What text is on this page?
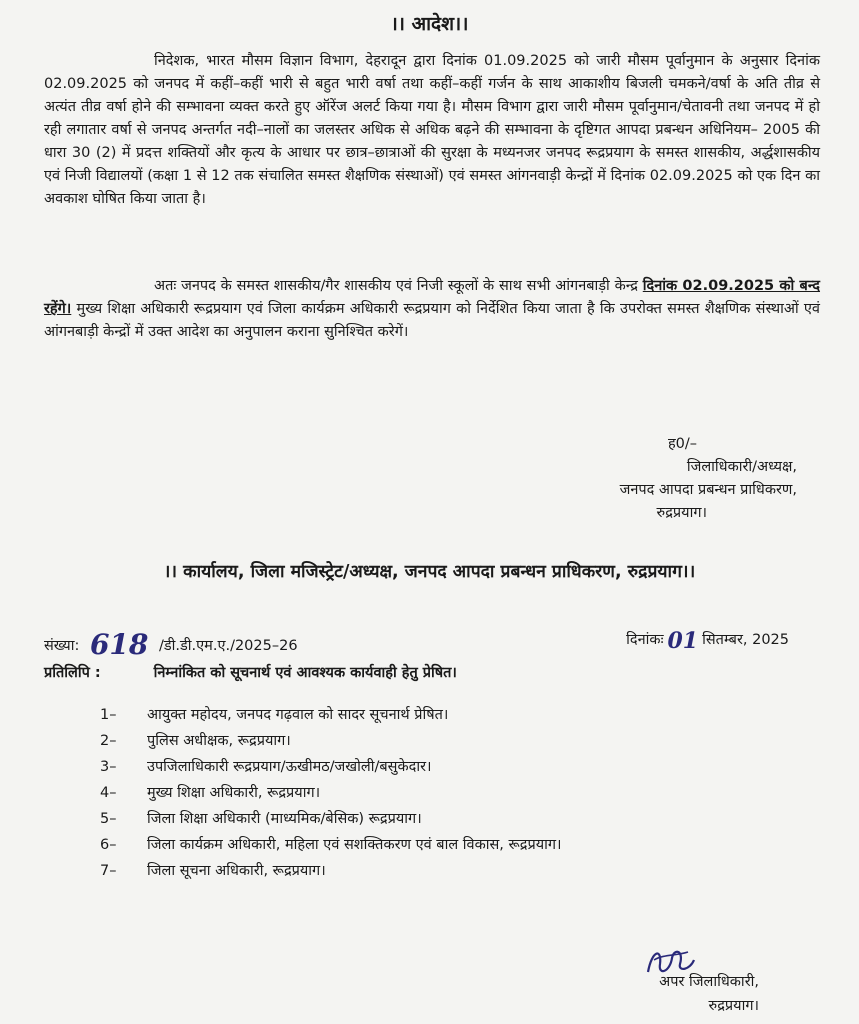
।। आदेश।।

निदेशक, भारत मौसम विज्ञान विभाग, देहरादून द्वारा दिनांक 01.09.2025 को जारी मौसम पूर्वानुमान के अनुसार दिनांक 02.09.2025 को जनपद में कहीं–कहीं भारी से बहुत भारी वर्षा तथा कहीं–कहीं गर्जन के साथ आकाशीय बिजली चमकने/वर्षा के अति तीव्र से अत्यंत तीव्र वर्षा होने की सम्भावना व्यक्त करते हुए ऑरेंज अलर्ट किया गया है। मौसम विभाग द्वारा जारी मौसम पूर्वानुमान/चेतावनी तथा जनपद में हो रही लगातार वर्षा से जनपद अन्तर्गत नदी–नालों का जलस्तर अधिक से अधिक बढ़ने की सम्भावना के दृष्टिगत आपदा प्रबन्धन अधिनियम– 2005 की धारा 30 (2) में प्रदत्त शक्तियों और कृत्य के आधार पर छात्र–छात्राओं की सुरक्षा के मध्यनजर जनपद रूद्रप्रयाग के समस्त शासकीय, अर्द्धशासकीय एवं निजी विद्यालयों (कक्षा 1 से 12 तक संचालित समस्त शैक्षणिक संस्थाओं) एवं समस्त आंगनवाड़ी केन्द्रों में दिनांक 02.09.2025 को एक दिन का अवकाश घोषित किया जाता है।

अतः जनपद के समस्त शासकीय/गैर शासकीय एवं निजी स्कूलों के साथ सभी आंगनबाड़ी केन्द्र दिनांक 02.09.2025 को बन्द रहेंगे। मुख्य शिक्षा अधिकारी रूद्रप्रयाग एवं जिला कार्यक्रम अधिकारी रूद्रप्रयाग को निर्देशित किया जाता है कि उपरोक्त समस्त शैक्षणिक संस्थाओं एवं आंगनबाड़ी केन्द्रों में उक्त आदेश का अनुपालन कराना सुनिश्चित करेगें।

ह0/–
जिलाधिकारी/अध्यक्ष,
जनपद आपदा प्रबन्धन प्राधिकरण,
रुद्रप्रयाग।
।। कार्यालय, जिला मजिस्ट्रेट/अध्यक्ष, जनपद आपदा प्रबन्धन प्राधिकरण, रुद्रप्रयाग।।
संख्या: 618 /डी.डी.एम.ए./2025–26	दिनांकः 01 सितम्बर, 2025
प्रतिलिपि :	निम्नांकित को सूचनार्थ एवं आवश्यक कार्यवाही हेतु प्रेषित।
1–	आयुक्त महोदय, जनपद गढ़वाल को सादर सूचनार्थ प्रेषित।
2–	पुलिस अधीक्षक, रूद्रप्रयाग।
3–	उपजिलाधिकारी रूद्रप्रयाग/ऊखीमठ/जखोली/बसुकेदार।
4–	मुख्य शिक्षा अधिकारी, रूद्रप्रयाग।
5–	जिला शिक्षा अधिकारी (माध्यमिक/बेसिक) रूद्रप्रयाग।
6–	जिला कार्यक्रम अधिकारी, महिला एवं सशक्तिकरण एवं बाल विकास, रूद्रप्रयाग।
7–	जिला सूचना अधिकारी, रूद्रप्रयाग।
अपर जिलाधिकारी,
रुद्रप्रयाग।
